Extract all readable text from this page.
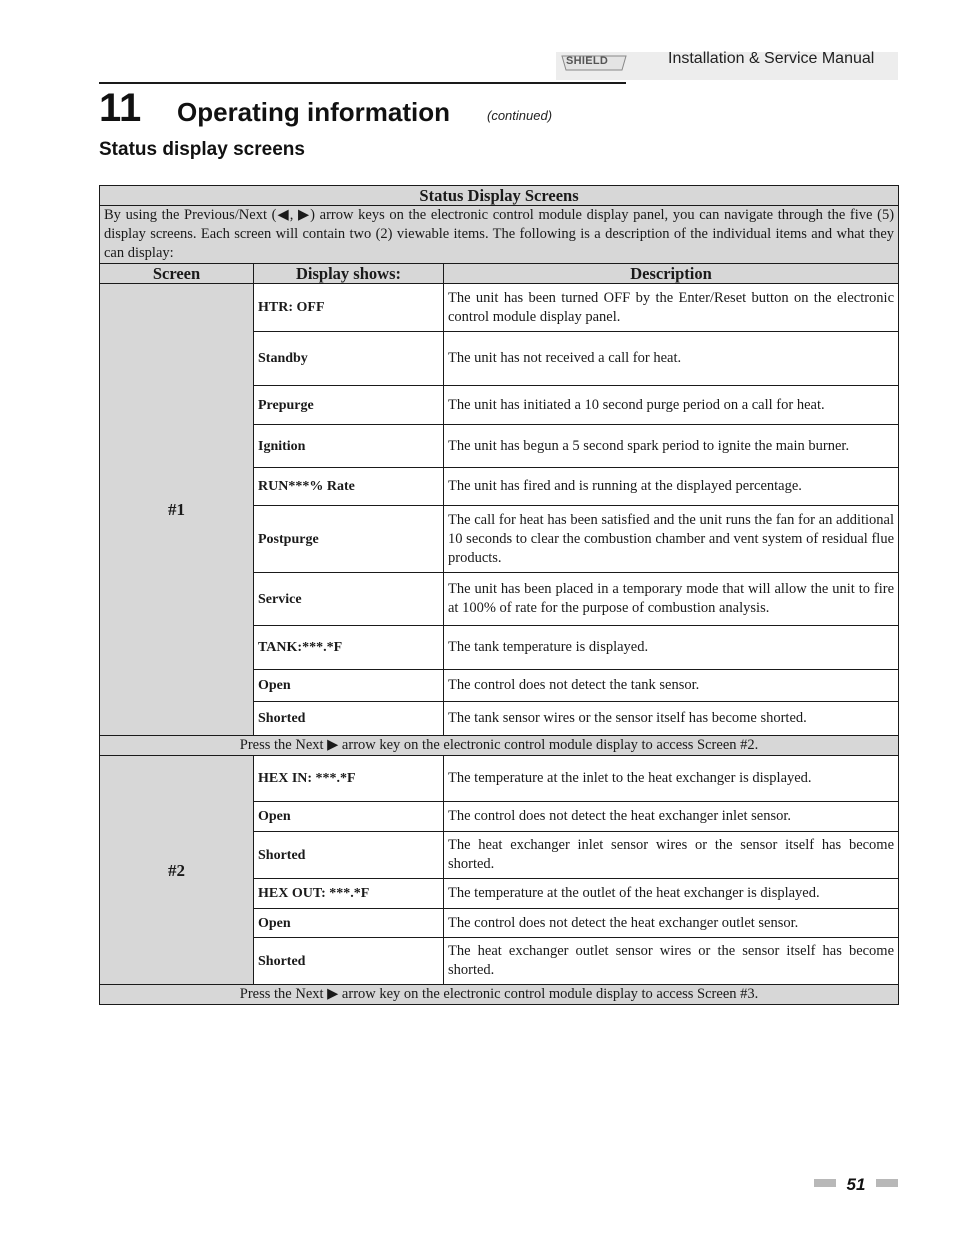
SHIELD	Installation & Service Manual
11 Operating information	(continued)
Status display screens
Status Display Screens		
By using the Previous/Next (◀, ▶) arrow keys on the electronic control module display panel, you can navigate through the five (5) display screens. Each screen will contain two (2) viewable items. The following is a description of the individual items and what they can display:		
Screen	Display shows:	Description
#1	HTR: OFF	The unit has been turned OFF by the Enter/Reset button on the electronic control module display panel.
	Standby	The unit has not received a call for heat.
	Prepurge	The unit has initiated a 10 second purge period on a call for heat.
	Ignition	The unit has begun a 5 second spark period to ignite the main burner.
	RUN***% Rate	The unit has fired and is running at the displayed percentage.
	Postpurge	The call for heat has been satisfied and the unit runs the fan for an additional 10 seconds to clear the combustion chamber and vent system of residual flue products.
	Service	The unit has been placed in a temporary mode that will allow the unit to fire at 100% of rate for the purpose of combustion analysis.
	TANK:***.*F	The tank temperature is displayed.
	Open	The control does not detect the tank sensor.
	Shorted	The tank sensor wires or the sensor itself has become shorted.
Press the Next ▶ arrow key on the electronic control module display to access Screen #2.		
#2	HEX IN: ***.*F	The temperature at the inlet to the heat exchanger is displayed.
	Open	The control does not detect the heat exchanger inlet sensor.
	Shorted	The heat exchanger inlet sensor wires or the sensor itself has become shorted.
	HEX OUT: ***.*F	The temperature at the outlet of the heat exchanger is displayed.
	Open	The control does not detect the heat exchanger outlet sensor.
	Shorted	The heat exchanger outlet sensor wires or the sensor itself has become shorted.
Press the Next ▶ arrow key on the electronic control module display to access Screen #3.		
51
